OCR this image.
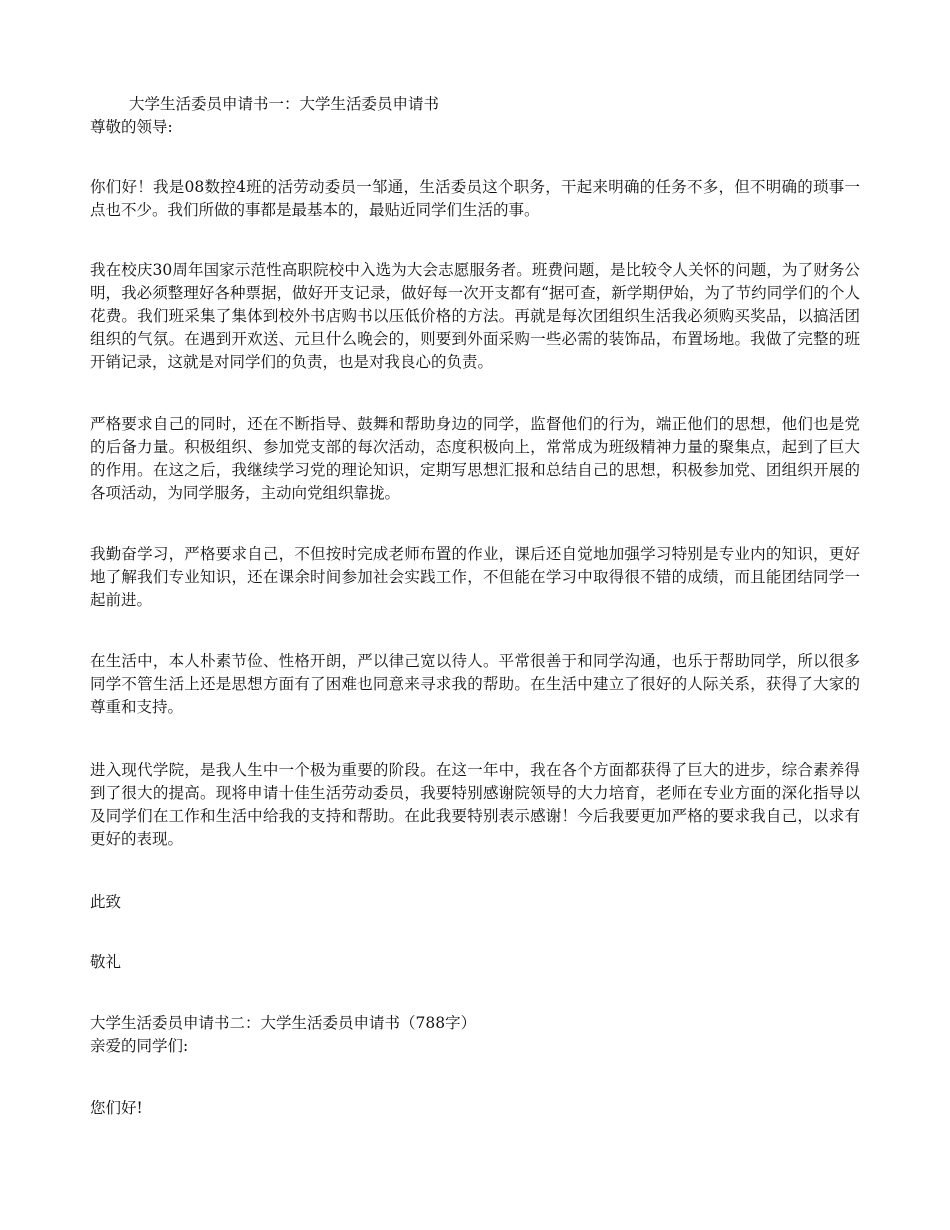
大学生活委员申请书一：大学生活委员申请书
尊敬的领导:
你们好！我是08数控4班的活劳动委员一邹通，生活委员这个职务，干起来明确的任务不多，但不明确的琐事一点也不少。我们所做的事都是最基本的，最贴近同学们生活的事。
我在校庆30周年国家示范性高职院校中入选为大会志愿服务者。班费问题，是比较令人关怀的问题，为了财务公明，我必须整理好各种票据，做好开支记录，做好每一次开支都有“据可查，新学期伊始，为了节约同学们的个人花费。我们班采集了集体到校外书店购书以压低价格的方法。再就是每次团组织生活我必须购买奖品，以搞活团组织的气氛。在遇到开欢送、元旦什么晚会的，则要到外面采购一些必需的装饰品，布置场地。我做了完整的班开销记录，这就是对同学们的负责，也是对我良心的负责。
严格要求自己的同时，还在不断指导、鼓舞和帮助身边的同学，监督他们的行为，端正他们的思想，他们也是党的后备力量。积极组织、参加党支部的每次活动，态度积极向上，常常成为班级精神力量的聚集点，起到了巨大的作用。在这之后，我继续学习党的理论知识，定期写思想汇报和总结自己的思想，积极参加党、团组织开展的各项活动，为同学服务，主动向党组织靠拢。
我勤奋学习，严格要求自己，不但按时完成老师布置的作业，课后还自觉地加强学习特别是专业内的知识，更好地了解我们专业知识，还在课余时间参加社会实践工作，不但能在学习中取得很不错的成绩，而且能团结同学一起前进。
在生活中，本人朴素节俭、性格开朗，严以律己宽以待人。平常很善于和同学沟通，也乐于帮助同学，所以很多同学不管生活上还是思想方面有了困难也同意来寻求我的帮助。在生活中建立了很好的人际关系，获得了大家的尊重和支持。
进入现代学院，是我人生中一个极为重要的阶段。在这一年中，我在各个方面都获得了巨大的进步，综合素养得到了很大的提高。现将申请十佳生活劳动委员，我要特别感谢院领导的大力培育，老师在专业方面的深化指导以及同学们在工作和生活中给我的支持和帮助。在此我要特别表示感谢！今后我要更加严格的要求我自己，以求有更好的表现。
此致
敬礼
大学生活委员申请书二：大学生活委员申请书（788字）
亲爱的同学们:
您们好!
